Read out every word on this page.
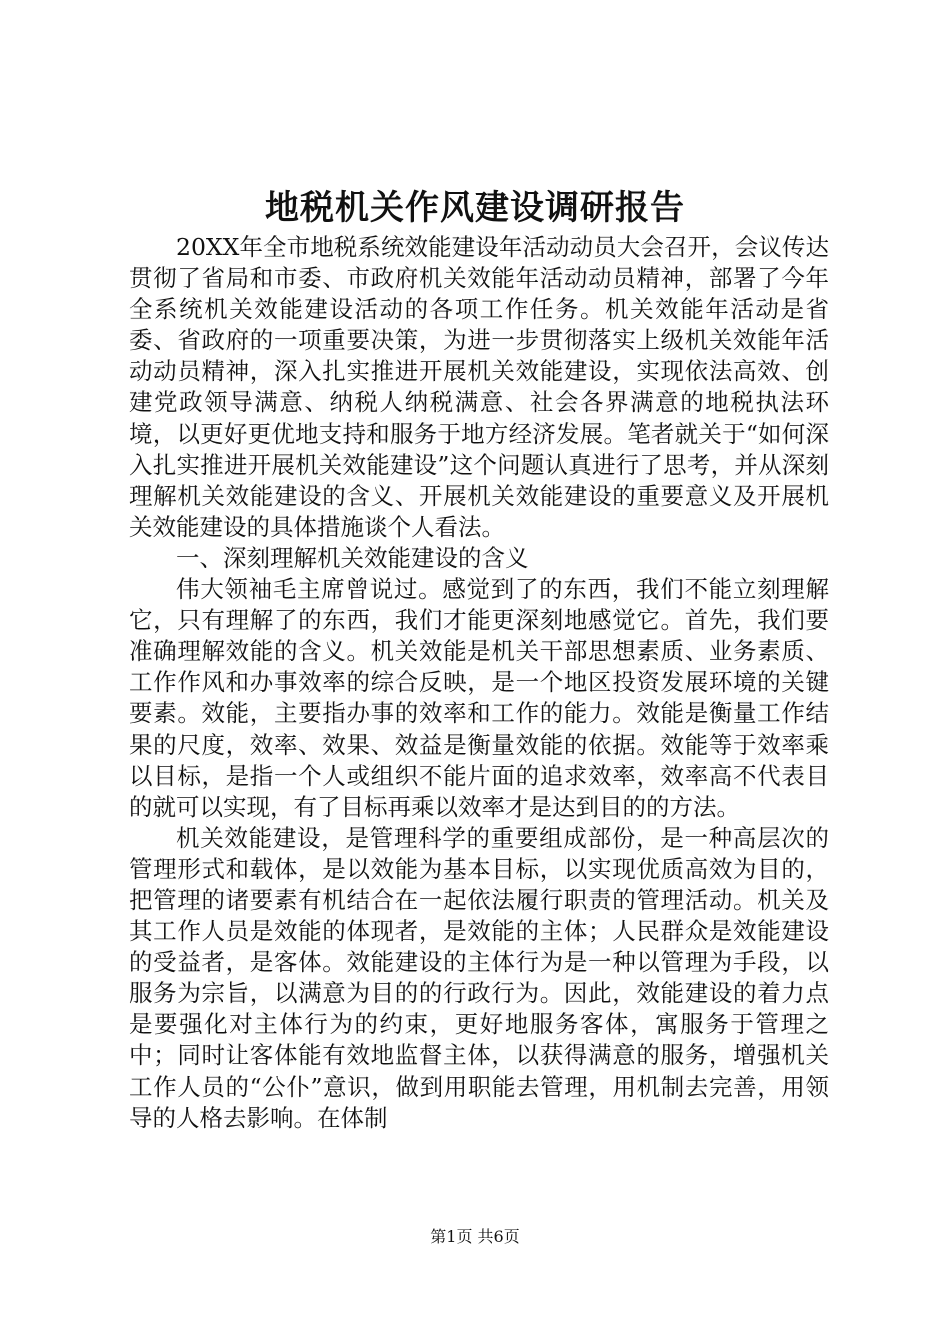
地税机关作风建设调研报告

20XX年全市地税系统效能建设年活动动员大会召开，会议传达贯彻了省局和市委、市政府机关效能年活动动员精神，部署了今年全系统机关效能建设活动的各项工作任务。机关效能年活动是省委、省政府的一项重要决策，为进一步贯彻落实上级机关效能年活动动员精神，深入扎实推进开展机关效能建设，实现依法高效、创建党政领导满意、纳税人纳税满意、社会各界满意的地税执法环境，以更好更优地支持和服务于地方经济发展。笔者就关于“如何深入扎实推进开展机关效能建设”这个问题认真进行了思考，并从深刻理解机关效能建设的含义、开展机关效能建设的重要意义及开展机关效能建设的具体措施谈个人看法。

一、深刻理解机关效能建设的含义

伟大领袖毛主席曾说过。感觉到了的东西，我们不能立刻理解它，只有理解了的东西，我们才能更深刻地感觉它。首先，我们要准确理解效能的含义。机关效能是机关干部思想素质、业务素质、工作作风和办事效率的综合反映，是一个地区投资发展环境的关键要素。效能，主要指办事的效率和工作的能力。效能是衡量工作结果的尺度，效率、效果、效益是衡量效能的依据。效能等于效率乘以目标，是指一个人或组织不能片面的追求效率，效率高不代表目的就可以实现，有了目标再乘以效率才是达到目的的方法。

机关效能建设，是管理科学的重要组成部份，是一种高层次的管理形式和载体，是以效能为基本目标，以实现优质高效为目的，把管理的诸要素有机结合在一起依法履行职责的管理活动。机关及其工作人员是效能的体现者，是效能的主体；人民群众是效能建设的受益者，是客体。效能建设的主体行为是一种以管理为手段，以服务为宗旨，以满意为目的的行政行为。因此，效能建设的着力点是要强化对主体行为的约束，更好地服务客体，寓服务于管理之中；同时让客体能有效地监督主体，以获得满意的服务，增强机关工作人员的“公仆”意识，做到用职能去管理，用机制去完善，用领导的人格去影响。在体制

第1页 共6页
